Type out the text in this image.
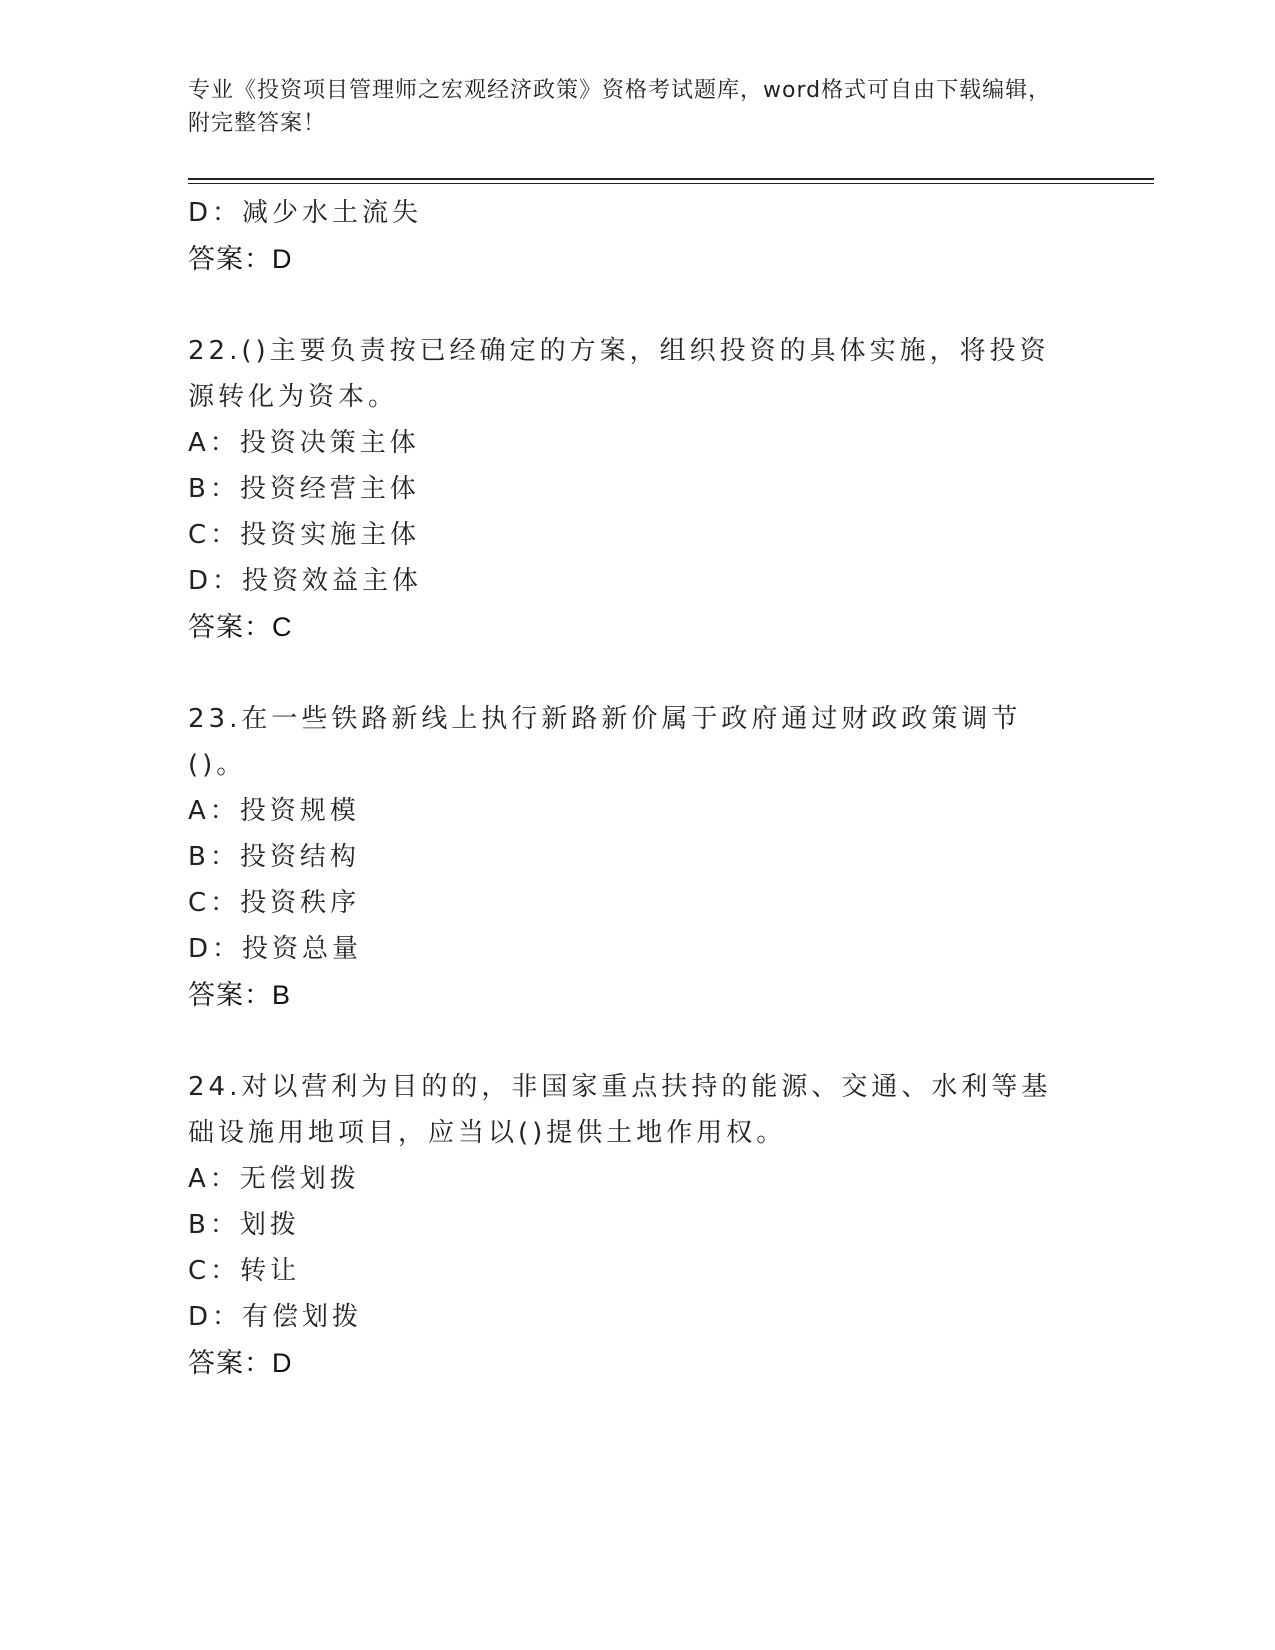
专业《投资项目管理师之宏观经济政策》资格考试题库，word格式可自由下载编辑，附完整答案！
D：减少水土流失
答案：D
22.()主要负责按已经确定的方案，组织投资的具体实施，将投资源转化为资本。
A：投资决策主体
B：投资经营主体
C：投资实施主体
D：投资效益主体
答案：C
23.在一些铁路新线上执行新路新价属于政府通过财政政策调节()。
A：投资规模
B：投资结构
C：投资秩序
D：投资总量
答案：B
24.对以营利为目的的，非国家重点扶持的能源、交通、水利等基础设施用地项目，应当以()提供土地作用权。
A：无偿划拨
B：划拨
C：转让
D：有偿划拨
答案：D
